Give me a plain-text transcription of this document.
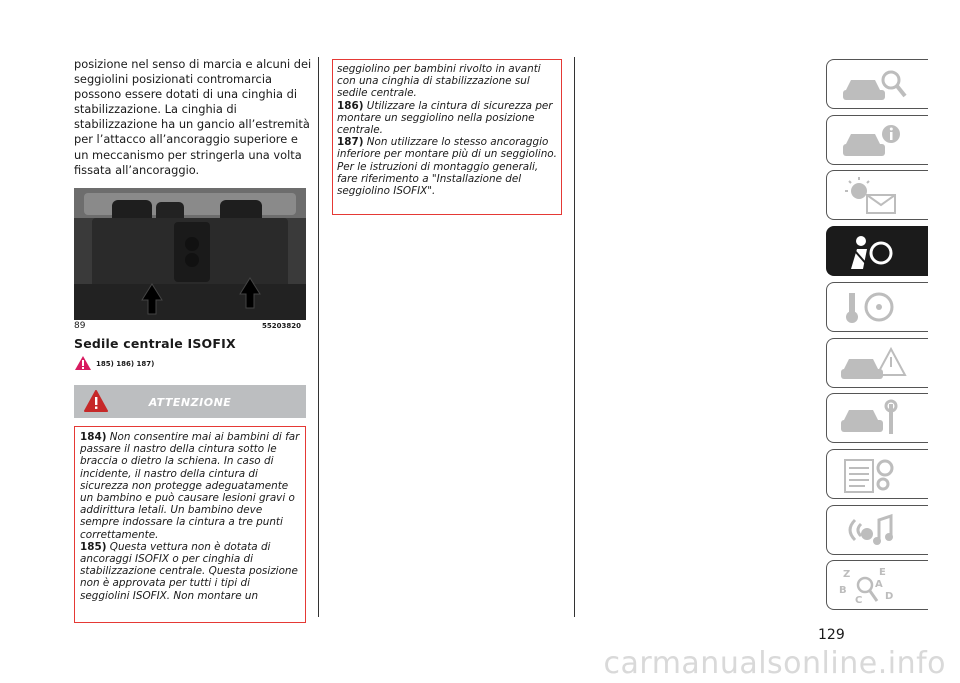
posizione nel senso di marcia e alcuni dei seggiolini posizionati contromarcia possono essere dotati di una cinghia di stabilizzazione. La cinghia di stabilizzazione ha un gancio all’estremità per l’attacco all’ancoraggio superiore e un meccanismo per stringerla una volta fissata all’ancoraggio.
89	55203820
Sedile centrale ISOFIX
185) 186) 187)
ATTENZIONE

184) Non consentire mai ai bambini di far passare il nastro della cintura sotto le braccia o dietro la schiena. In caso di incidente, il nastro della cintura di sicurezza non protegge adeguatamente un bambino e può causare lesioni gravi o addirittura letali. Un bambino deve sempre indossare la cintura a tre punti correttamente.
185) Questa vettura non è dotata di ancoraggi ISOFIX o per cinghia di stabilizzazione centrale. Questa posizione non è approvata per tutti i tipi di seggiolini ISOFIX. Non montare un

seggiolino per bambini rivolto in avanti con una cinghia di stabilizzazione sul sedile centrale.
186) Utilizzare la cintura di sicurezza per montare un seggiolino nella posizione centrale.
187) Non utilizzare lo stesso ancoraggio inferiore per montare più di un seggiolino. Per le istruzioni di montaggio generali, fare riferimento a "Installazione del seggiolino ISOFIX".

Z	E
A
B
D
C
129
carmanualsonline.info
